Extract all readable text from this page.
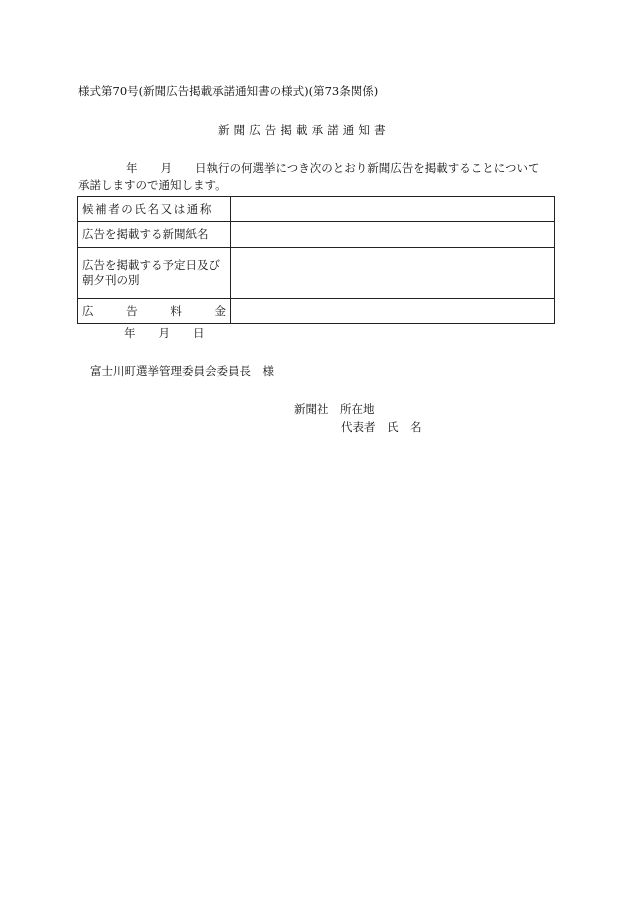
様式第70号(新聞広告掲載承諾通知書の様式)(第73条関係)
新聞広告掲載承諾通知書
年　　月　　日執行の何選挙につき次のとおり新聞広告を掲載することについて
承諾しますので通知します。
候補者の氏名又は通称	

広告を掲載する新聞紙名	

広告を掲載する予定日及び朝夕刊の別	

広 告 料 金	

年　　月　　日
富士川町選挙管理委員会委員長　様
新聞社　所在地
代表者　氏　名
